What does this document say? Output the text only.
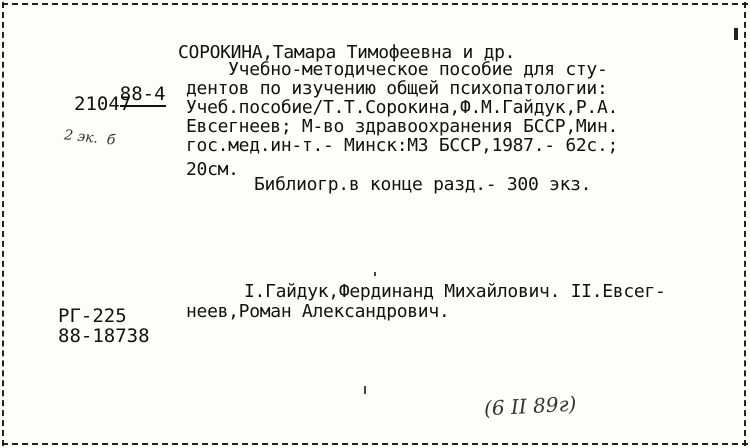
88-4

21047
2 эк.  б
СОРОКИНА,Тамара Тимофеевна и др.
Учебно-методическое пособие для сту-
дентов по изучению общей психопатологии:
Учеб.пособие/Т.Т.Сорокина,Ф.М.Гайдук,Р.А.
Евсегнеев; М-во здравоохранения БССР,Мин.
гос.мед.ин-т.- Минск:МЗ БССР,1987.- 62с.;
20см.
Библиогр.в конце разд.- 300 экз.
I.Гайдук,Фердинанд Михайлович. II.Евсег-
неев,Роман Александрович.
РГ-225
88-18738
(6 II 89г)
